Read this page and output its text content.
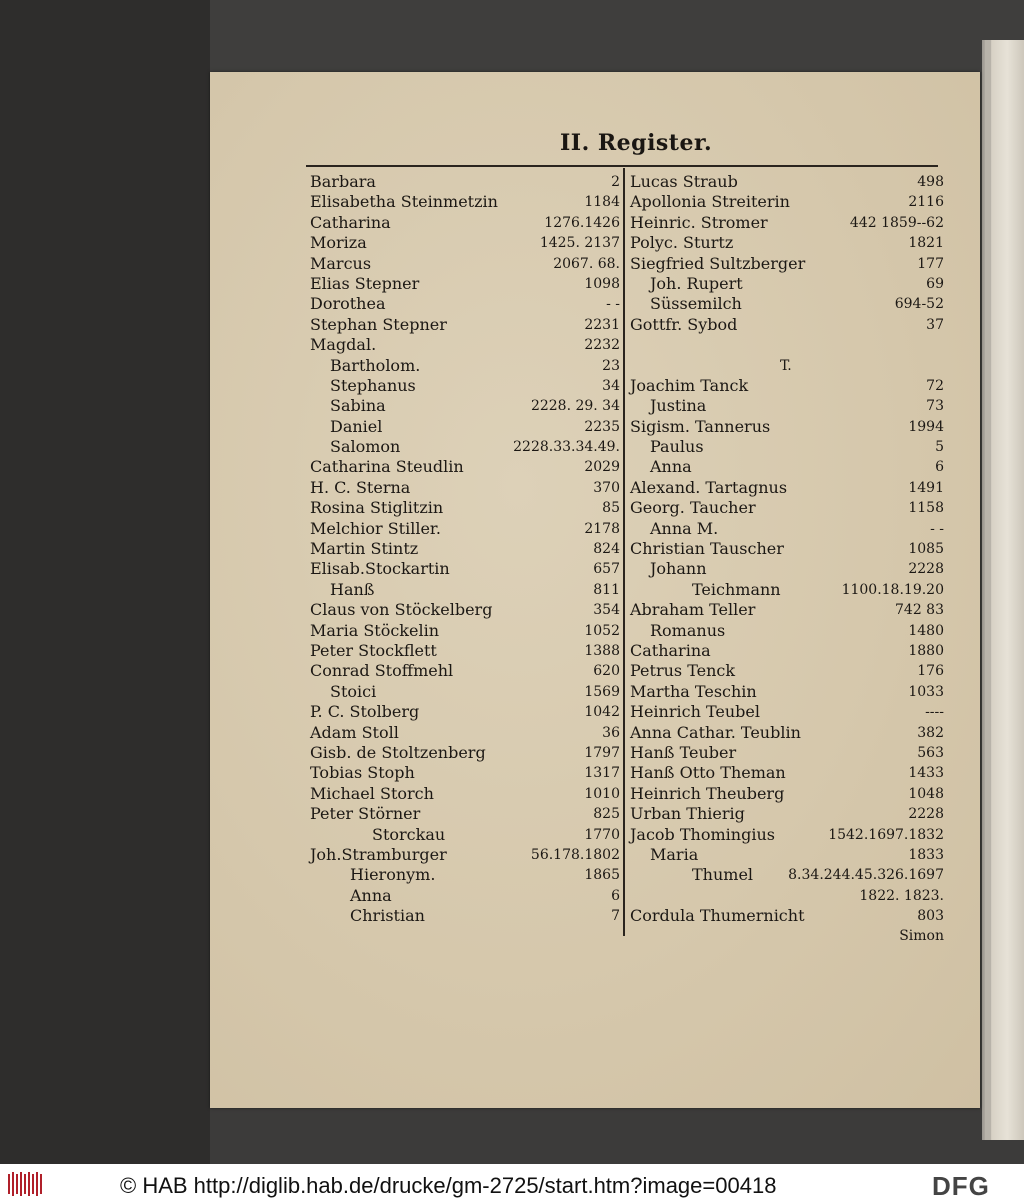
II. Register.
Barbara	2
Elisabetha Steinmetzin	1184
Catharina	1276.1426
Moriza	1425. 2137
Marcus	2067. 68.
Elias Stepner	1098
Dorothea	- -
Stephan Stepner	2231
Magdal.	2232
Bartholom.	23
Stephanus	34
Sabina	2228. 29. 34
Daniel	2235
Salomon	2228.33.34.49.
Catharina Steudlin	2029
H. C. Sterna	370
Rosina Stiglitzin	85
Melchior Stiller.	2178
Martin Stintz	824
Elisab.Stockartin	657
Hanß	811
Claus von Stöckelberg	354
Maria Stöckelin	1052
Peter Stockflett	1388
Conrad Stoffmehl	620
Stoici	1569
P. C. Stolberg	1042
Adam Stoll	36
Gisb. de Stoltzenberg	1797
Tobias Stoph	1317
Michael Storch	1010
Peter Störner	825
Storckau	1770
Joh.Stramburger	56.178.1802
Hieronym.	1865
Anna	6
Christian	7
Lucas Straub	498
Apollonia Streiterin	2116
Heinric. Stromer	442 1859--62
Polyc. Sturtz	1821
Siegfried Sultzberger	177
Joh. Rupert	69
Süssemilch	694-52
Gottfr. Sybod	37
T.
Joachim Tanck	72
Justina	73
Sigism. Tannerus	1994
Paulus	5
Anna	6
Alexand. Tartagnus	1491
Georg. Taucher	1158
Anna M.	- -
Christian Tauscher	1085
Johann	2228
Teichmann	1100.18.19.20
Abraham Teller	742 83
Romanus	1480
Catharina	1880
Petrus Tenck	176
Martha Teschin	1033
Heinrich Teubel	----
Anna Cathar. Teublin	382
Hanß Teuber	563
Hanß Otto Theman	1433
Heinrich Theuberg	1048
Urban Thierig	2228
Jacob Thomingius	1542.1697.1832
Maria	1833
Thumel	8.34.244.45.326.1697
1822. 1823.
Cordula Thumernicht	803
Simon
© HAB http://diglib.hab.de/drucke/gm-2725/start.htm?image=00418	DFG
